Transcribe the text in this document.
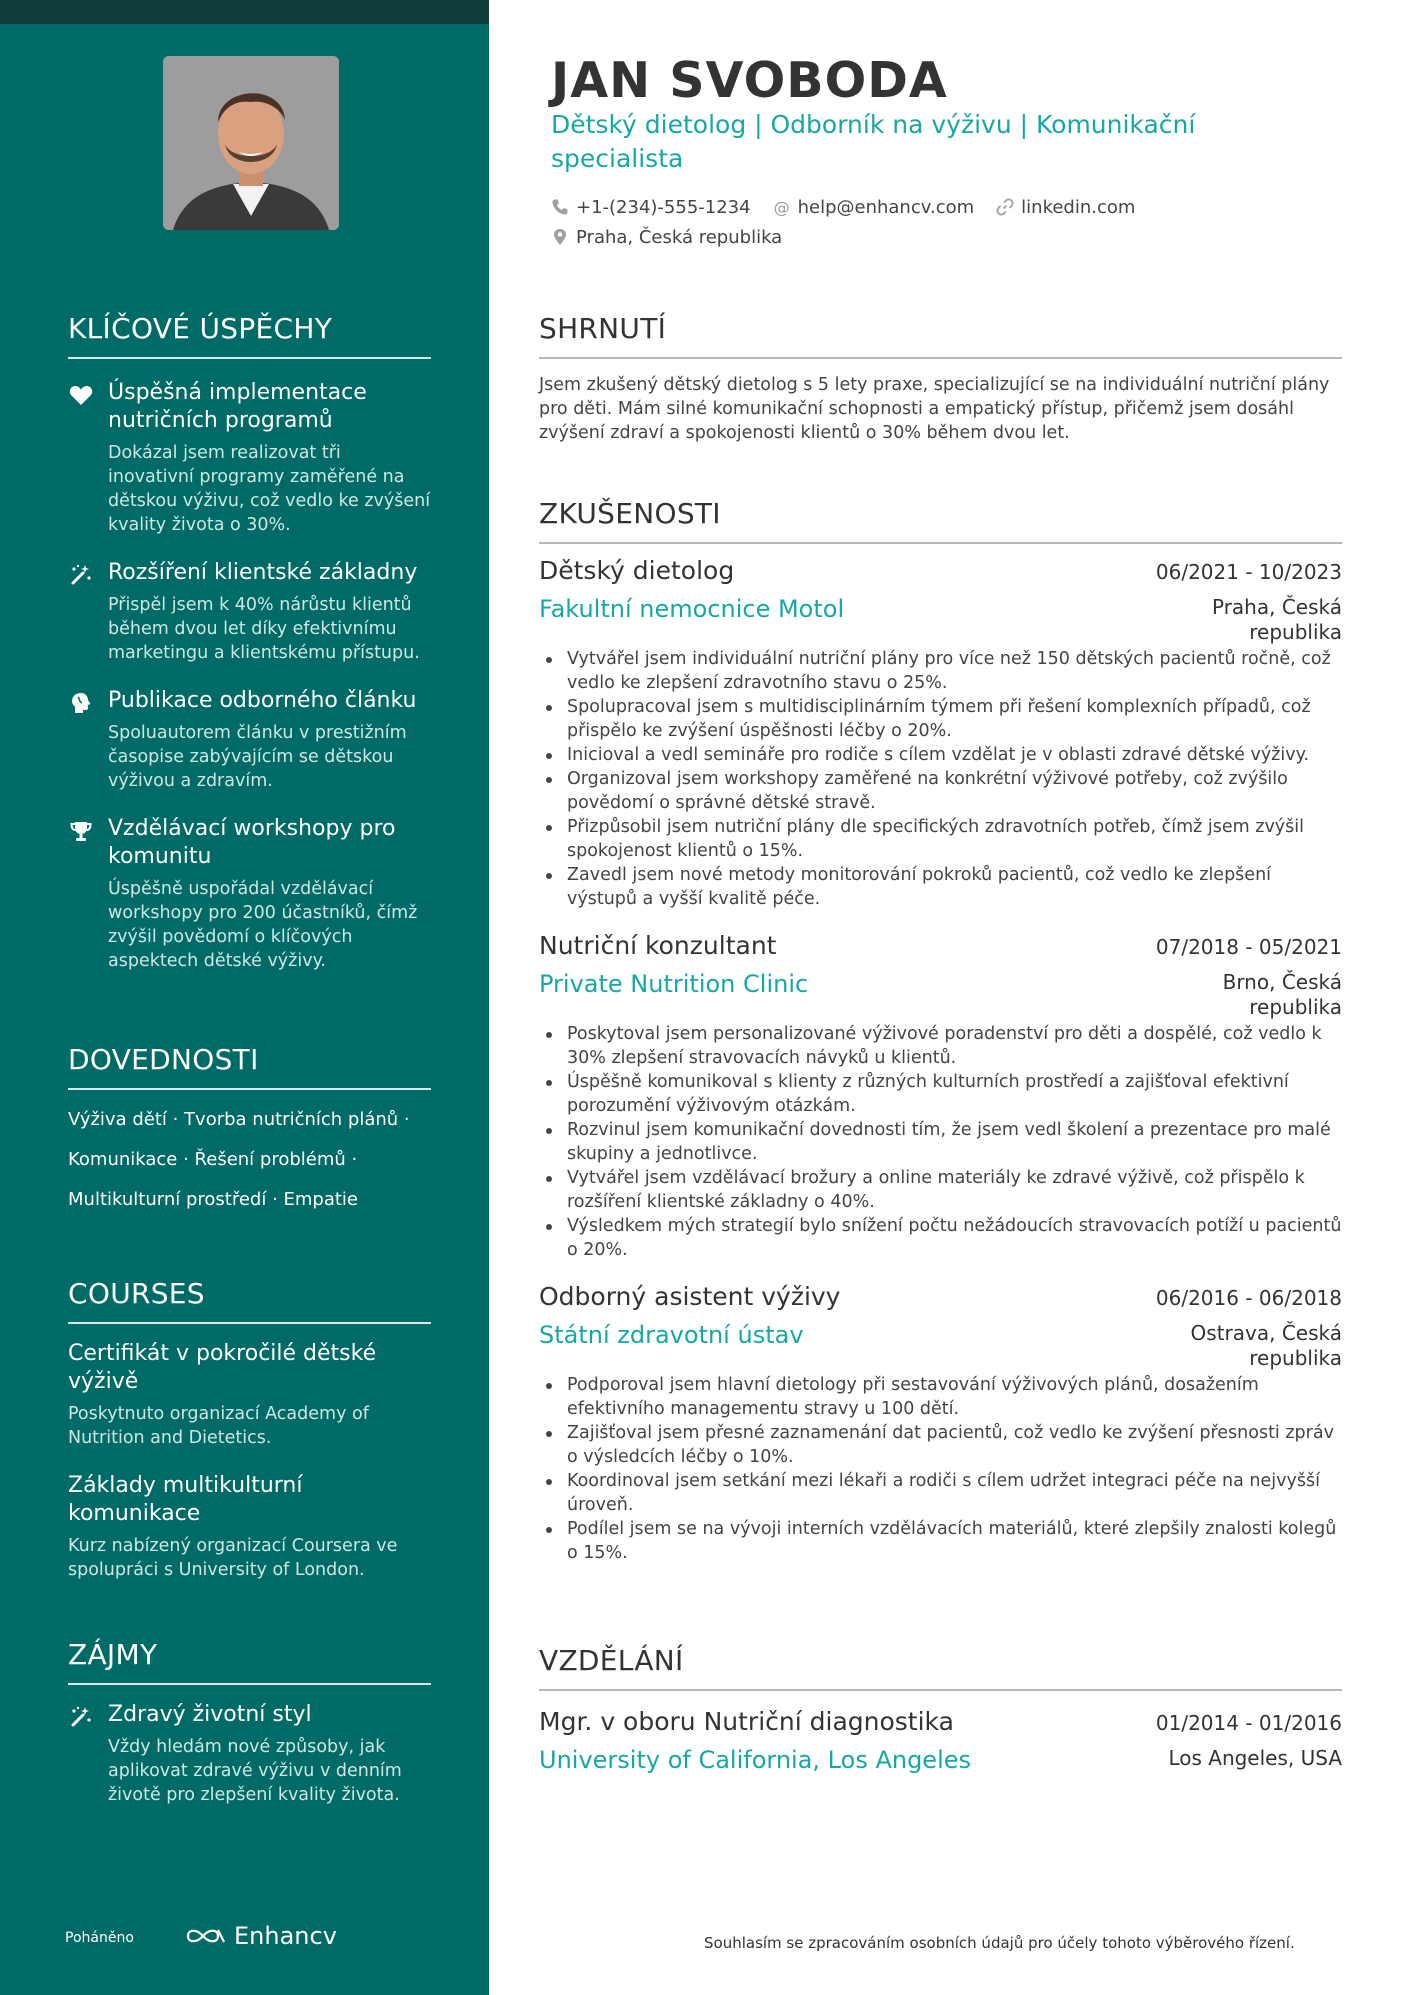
KLÍČOVÉ ÚSPĚCHY
Úspěšná implementace nutričních programů
Dokázal jsem realizovat tři inovativní programy zaměřené na dětskou výživu, což vedlo ke zvýšení kvality života o 30%.
Rozšíření klientské základny
Přispěl jsem k 40% nárůstu klientů během dvou let díky efektivnímu marketingu a klientskému přístupu.
Publikace odborného článku
Spoluautorem článku v prestižním časopise zabývajícím se dětskou výživou a zdravím.
Vzdělávací workshopy pro komunitu
Úspěšně uspořádal vzdělávací workshopy pro 200 účastníků, čímž zvýšil povědomí o klíčových aspektech dětské výživy.
DOVEDNOSTI
Výživa dětí · Tvorba nutričních plánů ·
Komunikace · Řešení problémů ·
Multikulturní prostředí · Empatie
COURSES
Certifikát v pokročilé dětské výživě
Poskytnuto organizací Academy of Nutrition and Dietetics.
Základy multikulturní komunikace
Kurz nabízený organizací Coursera ve spolupráci s University of London.
ZÁJMY
Zdravý životní styl
Vždy hledám nové způsoby, jak aplikovat zdravé výživu v denním životě pro zlepšení kvality života.
Poháněno	Enhancv
JAN SVOBODA
Dětský dietolog | Odborník na výživu | Komunikační specialista
+1-(234)-555-1234 @ help@enhancv.com	linkedin.com
Praha, Česká republika
SHRNUTÍ
Jsem zkušený dětský dietolog s 5 lety praxe, specializující se na individuální nutriční plány pro děti. Mám silné komunikační schopnosti a empatický přístup, přičemž jsem dosáhl zvýšení zdraví a spokojenosti klientů o 30% během dvou let.
ZKUŠENOSTI
Dětský dietolog	06/2021 - 10/2023
Fakultní nemocnice Motol	Praha, Česká republika
Vytvářel jsem individuální nutriční plány pro více než 150 dětských pacientů ročně, což vedlo ke zlepšení zdravotního stavu o 25%.
Spolupracoval jsem s multidisciplinárním týmem při řešení komplexních případů, což přispělo ke zvýšení úspěšnosti léčby o 20%.
Inicioval a vedl semináře pro rodiče s cílem vzdělat je v oblasti zdravé dětské výživy.
Organizoval jsem workshopy zaměřené na konkrétní výživové potřeby, což zvýšilo povědomí o správné dětské stravě.
Přizpůsobil jsem nutriční plány dle specifických zdravotních potřeb, čímž jsem zvýšil spokojenost klientů o 15%.
Zavedl jsem nové metody monitorování pokroků pacientů, což vedlo ke zlepšení výstupů a vyšší kvalitě péče.
Nutriční konzultant	07/2018 - 05/2021
Private Nutrition Clinic	Brno, Česká republika
Poskytoval jsem personalizované výživové poradenství pro děti a dospělé, což vedlo k 30% zlepšení stravovacích návyků u klientů.
Úspěšně komunikoval s klienty z různých kulturních prostředí a zajišťoval efektivní porozumění výživovým otázkám.
Rozvinul jsem komunikační dovednosti tím, že jsem vedl školení a prezentace pro malé skupiny a jednotlivce.
Vytvářel jsem vzdělávací brožury a online materiály ke zdravé výživě, což přispělo k rozšíření klientské základny o 40%.
Výsledkem mých strategií bylo snížení počtu nežádoucích stravovacích potíží u pacientů o 20%.
Odborný asistent výživy	06/2016 - 06/2018
Státní zdravotní ústav	Ostrava, Česká republika
Podporoval jsem hlavní dietology při sestavování výživových plánů, dosažením efektivního managementu stravy u 100 dětí.
Zajišťoval jsem přesné zaznamenání dat pacientů, což vedlo ke zvýšení přesnosti zpráv o výsledcích léčby o 10%.
Koordinoval jsem setkání mezi lékaři a rodiči s cílem udržet integraci péče na nejvyšší úroveň.
Podílel jsem se na vývoji interních vzdělávacích materiálů, které zlepšily znalosti kolegů o 15%.
VZDĚLÁNÍ
Mgr. v oboru Nutriční diagnostika	01/2014 - 01/2016
University of California, Los Angeles	Los Angeles, USA
Souhlasím se zpracováním osobních údajů pro účely tohoto výběrového řízení.
